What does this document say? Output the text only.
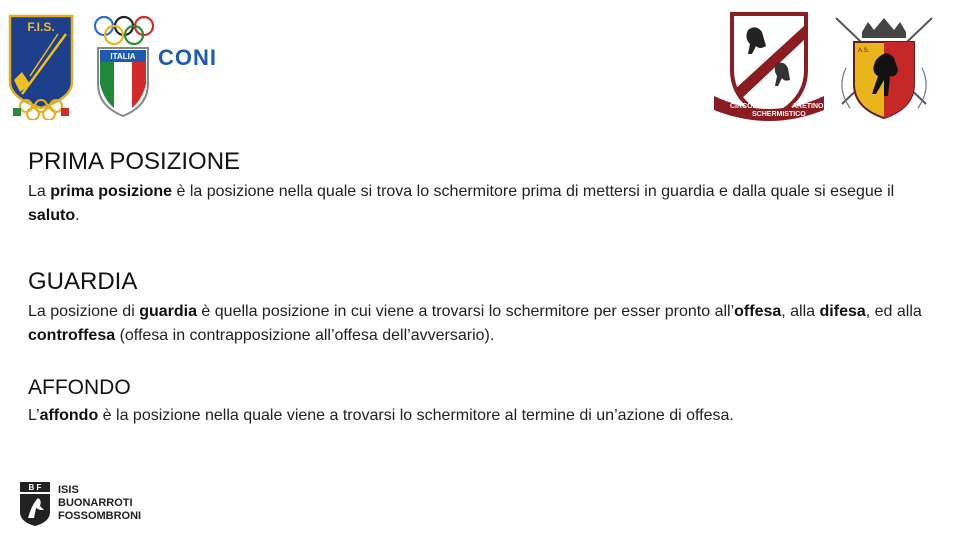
F.I.S.
ITALIA CONI
CIRCOLO
SCHERMISTICO
ARETINO
A.S.
PRIMA POSIZIONE

La prima posizione è la posizione nella quale si trova lo schermitore prima di mettersi in guardia e dalla quale si esegue il saluto.

GUARDIA

La posizione di guardia è quella posizione in cui viene a trovarsi lo schermitore per esser pronto all’offesa, alla difesa, ed alla controffesa (offesa in contrapposizione all’offesa dell’avversario).

AFFONDO

L’affondo è la posizione nella quale viene a trovarsi lo schermitore al termine di un’azione di offesa.

B F ISIS
BUONARROTI
FOSSOMBRONI
